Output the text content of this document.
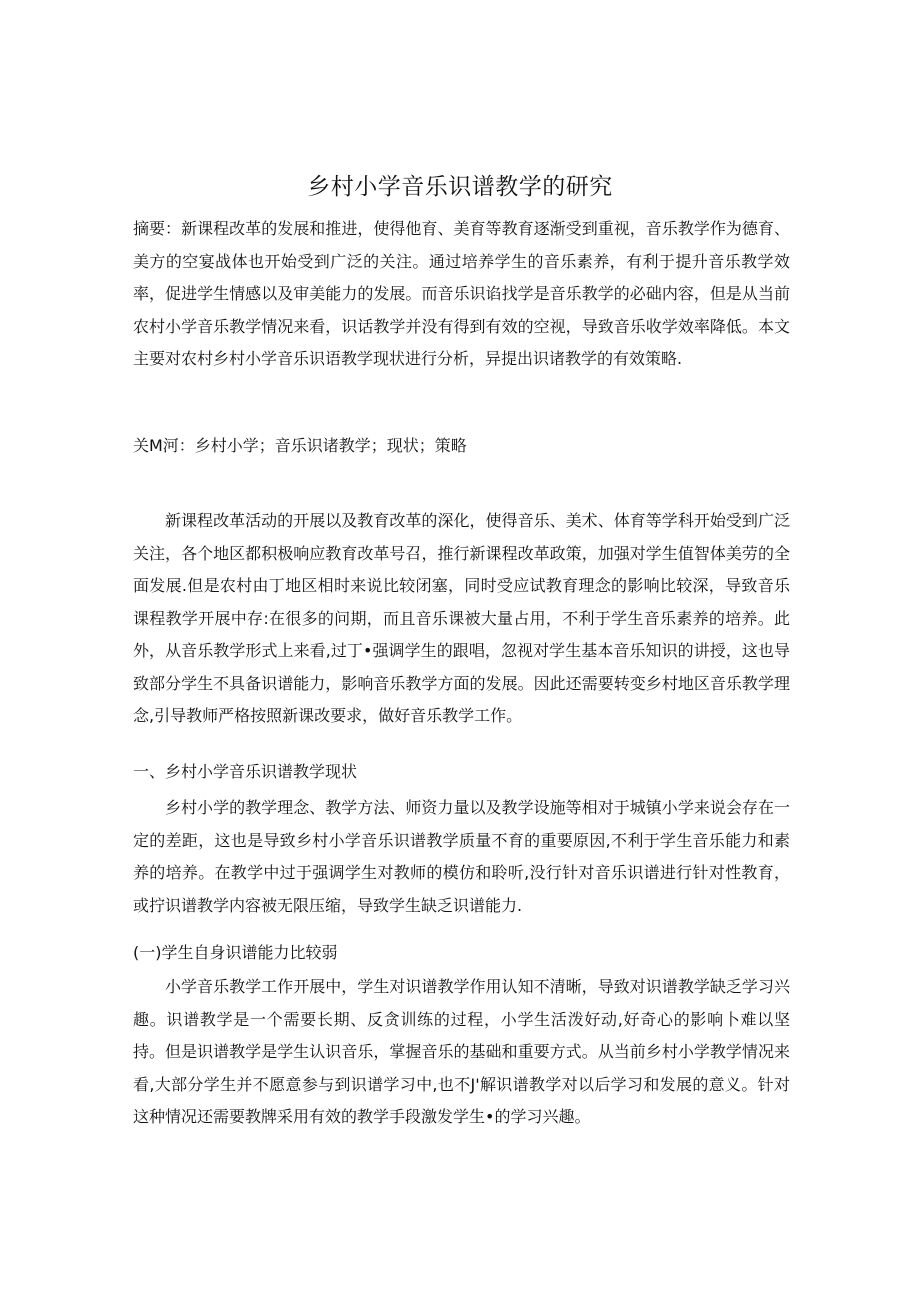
乡村小学音乐识谱教学的研究

摘要：新课程改革的发展和推进，使得他育、美育等教育逐渐受到重视，音乐教学作为德育、美方的空宴战体也开始受到广泛的关注。通过培养学生的音乐素养，有利于提升音乐教学效率，促进学生情感以及审美能力的发展。而音乐识谄找学是音乐教学的必础内容，但是从当前农村小学音乐教学情况来看，识话教学并没有得到有效的空视，导致音乐收学效率降低。本文主要对农村乡村小学音乐识语教学现状进行分析，异提出识诸教学的有效策略.

关M河：乡村小学；音乐识诸教学；现状；策略

新课程改革活动的开展以及教育改革的深化，使得音乐、美术、体育等学科开始受到广泛关注，各个地区都积极响应教育改革号召，推行新课程改革政策，加强对学生值智体美劳的全面发展.但是农村由丁地区相时来说比较闭塞，同时受应试教育理念的影响比较深，导致音乐课程教学开展中存:在很多的问期，而且音乐课被大量占用，不利于学生音乐素养的培养。此外，从音乐教学形式上来看,过丁•强调学生的跟唱，忽视对学生基本音乐知识的讲授，这也导致部分学生不具备识谱能力，影响音乐教学方面的发展。因此还需要转变乡村地区音乐教学理念,引导教师严格按照新课改要求，做好音乐教学工作。

一、乡村小学音乐识谱教学现状

乡村小学的教学理念、教学方法、师资力量以及教学设施等相对于城镇小学来说会存在一定的差距，这也是导致乡村小学音乐识谱教学质量不育的重要原因,不利于学生音乐能力和素养的培养。在教学中过于强调学生对教师的模仿和聆听,没行针对音乐识谱进行针对性教育，或拧识谱教学内容被无限压缩，导致学生缺乏识谱能力.

(一)学生自身识谱能力比较弱

小学音乐教学工作开展中，学生对识谱教学作用认知不清晰，导致对识谱教学缺乏学习兴趣。识谱教学是一个需要长期、反贪训练的过程，小学生活泼好动,好奇心的影响卜难以坚持。但是识谱教学是学生认识音乐，掌握音乐的基础和重要方式。从当前乡村小学教学情况来看,大部分学生并不愿意参与到识谱学习中,也不J'解识谱教学对以后学习和发展的意义。针对这种情况还需要教牌采用有效的教学手段激发学生•的学习兴趣。
